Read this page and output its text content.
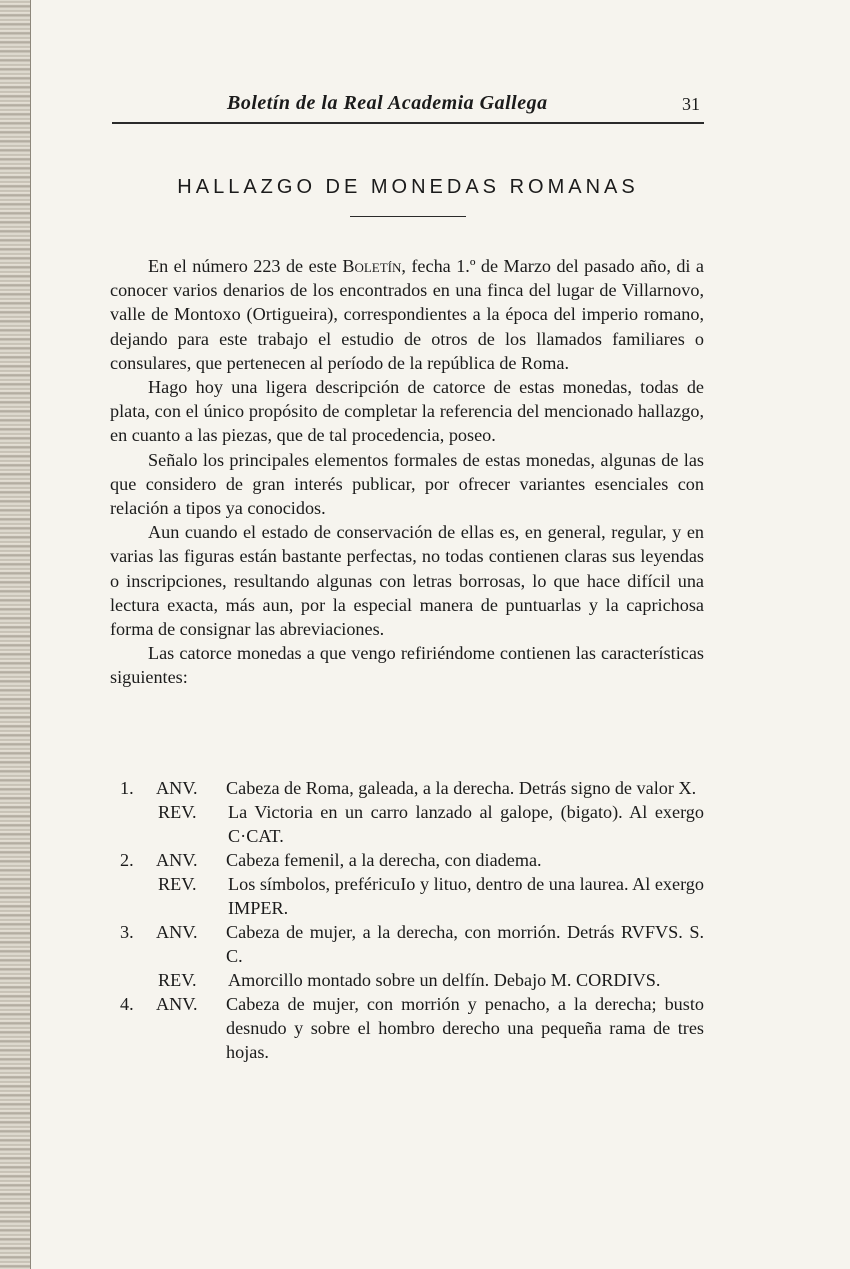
Boletín de la Real Academia Gallega	31
HALLAZGO DE MONEDAS ROMANAS

En el número 223 de este Boletín, fecha 1.º de Marzo del pasado año, di a conocer varios denarios de los encontrados en una finca del lugar de Villarnovo, valle de Montoxo (Ortigueira), correspondientes a la época del imperio romano, dejando para este trabajo el estudio de otros de los llamados familiares o consulares, que pertenecen al período de la república de Roma.

Hago hoy una ligera descripción de catorce de estas monedas, todas de plata, con el único propósito de completar la referencia del mencionado hallazgo, en cuanto a las piezas, que de tal procedencia, poseo.

Señalo los principales elementos formales de estas monedas, algunas de las que considero de gran interés publicar, por ofrecer variantes esenciales con relación a tipos ya conocidos.

Aun cuando el estado de conservación de ellas es, en general, regular, y en varias las figuras están bastante perfectas, no todas contienen claras sus leyendas o inscripciones, resultando algunas con letras borrosas, lo que hace difícil una lectura exacta, más aun, por la especial manera de puntuarlas y la caprichosa forma de consignar las abreviaciones.

Las catorce monedas a que vengo refiriéndome contienen las características siguientes:

1. ANV.	Cabeza de Roma, galeada, a la derecha. Detrás signo de valor X.
REV.	La Victoria en un carro lanzado al galope, (bigato). Al exergo C·CAT.
2. ANV.	Cabeza femenil, a la derecha, con diadema.
REV.	Los símbolos, preféricuIo y lituo, dentro de una laurea. Al exergo IMPER.
3. ANV.	Cabeza de mujer, a la derecha, con morrión. Detrás RVFVS. S. C.
REV.	Amorcillo montado sobre un delfín. Debajo M. CORDIVS.
4. ANV.	Cabeza de mujer, con morrión y penacho, a la derecha; busto desnudo y sobre el hombro derecho una pequeña rama de tres hojas.
